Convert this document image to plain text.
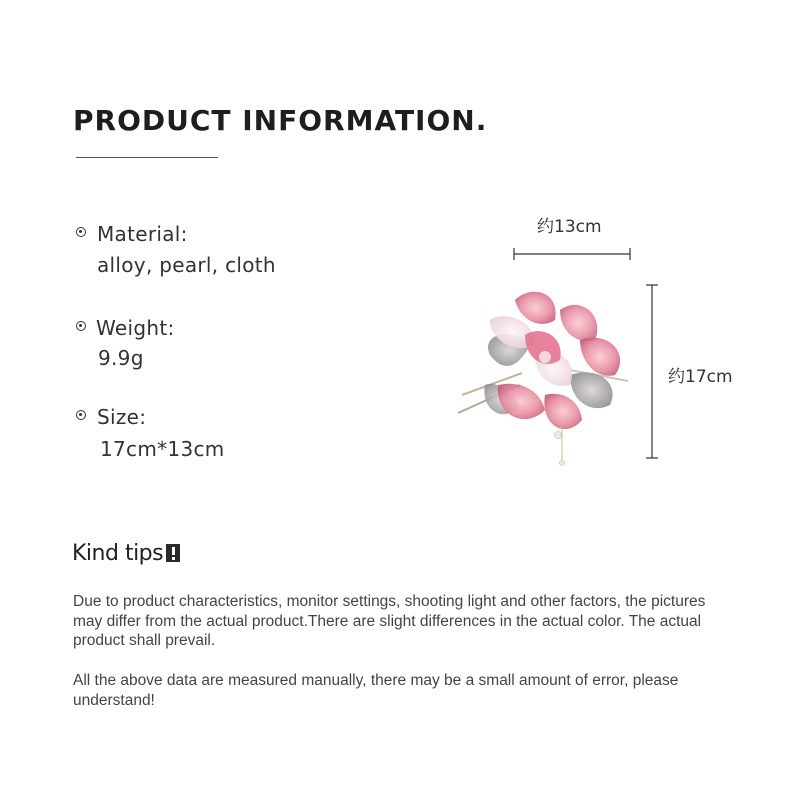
PRODUCT INFORMATION.
Material:
alloy, pearl, cloth
Weight:
9.9g
Size:
17cm*13cm
约13cm
约17cm
Kind tips
Due to product characteristics, monitor settings, shooting light and other factors, the pictures may differ from the actual product.There are slight differences in the actual color. The actual product shall prevail.
All the above data are measured manually, there may be a small amount of error, please understand!
